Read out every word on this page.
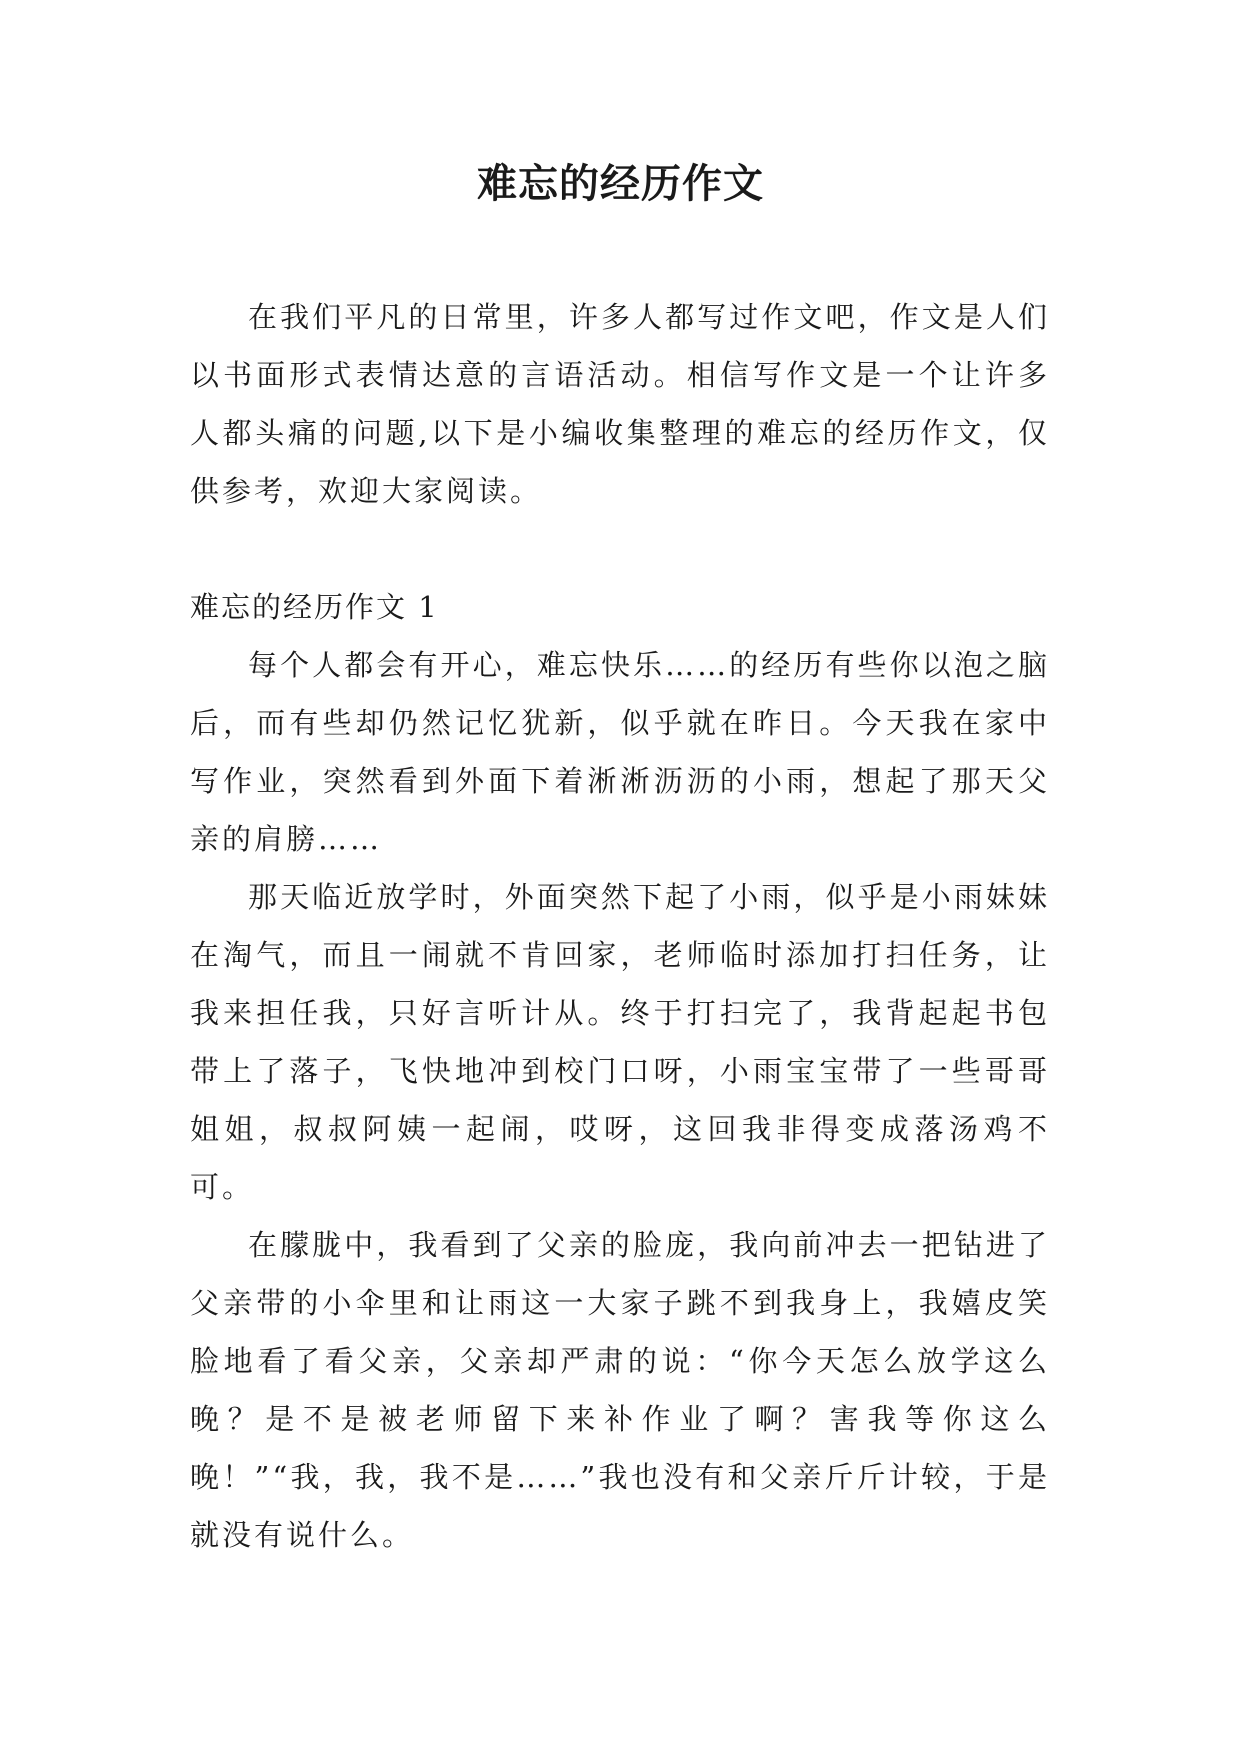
难忘的经历作文

在我们平凡的日常里，许多人都写过作文吧，作文是人们以书面形式表情达意的言语活动。相信写作文是一个让许多人都头痛的问题,以下是小编收集整理的难忘的经历作文，仅供参考，欢迎大家阅读。

难忘的经历作文 1

每个人都会有开心，难忘快乐……的经历有些你以泡之脑后，而有些却仍然记忆犹新，似乎就在昨日。今天我在家中写作业，突然看到外面下着淅淅沥沥的小雨，想起了那天父亲的肩膀……

那天临近放学时，外面突然下起了小雨，似乎是小雨妹妹在淘气，而且一闹就不肯回家，老师临时添加打扫任务，让我来担任我，只好言听计从。终于打扫完了，我背起起书包带上了落子，飞快地冲到校门口呀，小雨宝宝带了一些哥哥姐姐，叔叔阿姨一起闹，哎呀，这回我非得变成落汤鸡不可。

在朦胧中，我看到了父亲的脸庞，我向前冲去一把钻进了父亲带的小伞里和让雨这一大家子跳不到我身上，我嬉皮笑脸地看了看父亲，父亲却严肃的说：“你今天怎么放学这么晚？是不是被老师留下来补作业了啊？害我等你这么晚！”“我，我，我不是……”我也没有和父亲斤斤计较，于是就没有说什么。
